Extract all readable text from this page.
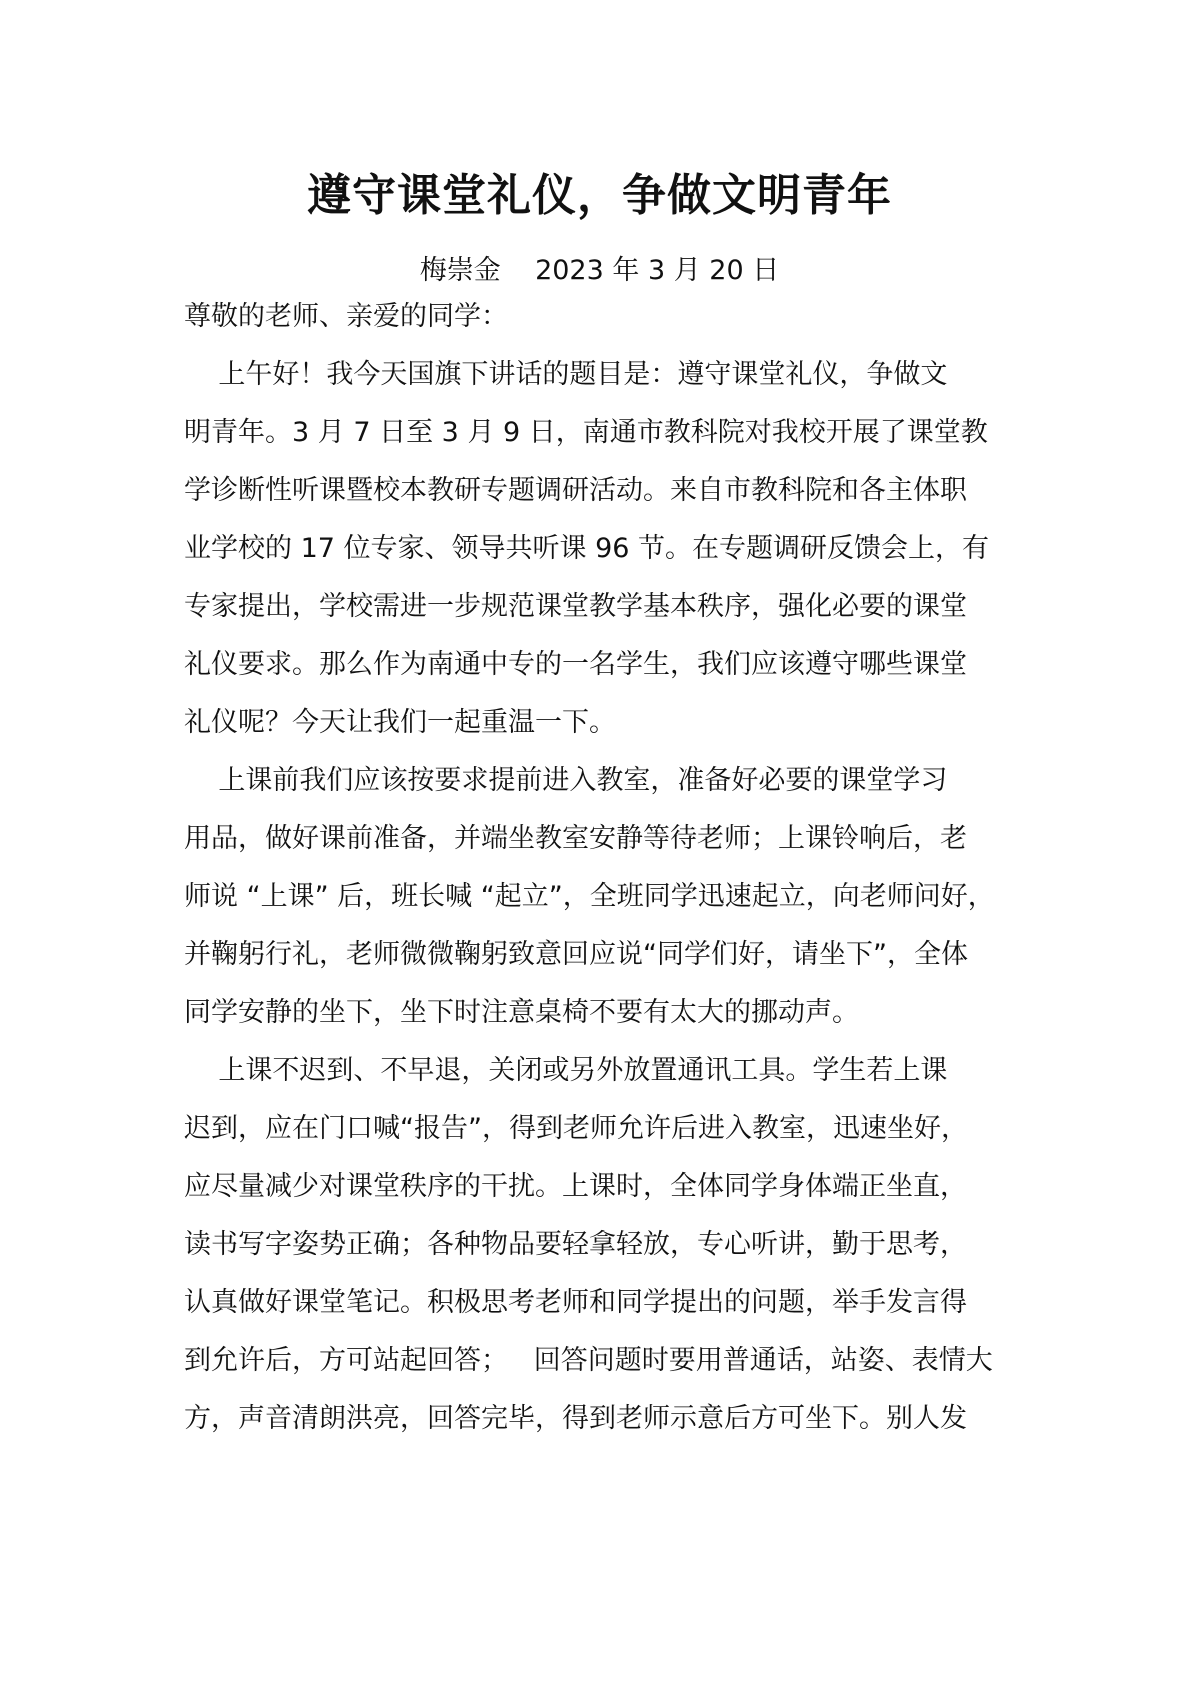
遵守课堂礼仪，争做文明青年
梅崇金    2023 年 3 月 20 日
尊敬的老师、亲爱的同学：
上午好！我今天国旗下讲话的题目是：遵守课堂礼仪，争做文
明青年。3 月 7 日至 3 月 9 日，南通市教科院对我校开展了课堂教
学诊断性听课暨校本教研专题调研活动。来自市教科院和各主体职
业学校的 17 位专家、领导共听课 96 节。在专题调研反馈会上，有
专家提出，学校需进一步规范课堂教学基本秩序，强化必要的课堂
礼仪要求。那么作为南通中专的一名学生，我们应该遵守哪些课堂
礼仪呢？今天让我们一起重温一下。
上课前我们应该按要求提前进入教室，准备好必要的课堂学习
用品，做好课前准备，并端坐教室安静等待老师；上课铃响后，老
师说 “上课” 后，班长喊 “起立”，全班同学迅速起立，向老师问好，
并鞠躬行礼，老师微微鞠躬致意回应说“同学们好，请坐下”，全体
同学安静的坐下，坐下时注意桌椅不要有太大的挪动声。
上课不迟到、不早退，关闭或另外放置通讯工具。学生若上课
迟到，应在门口喊“报告”，得到老师允许后进入教室，迅速坐好，
应尽量减少对课堂秩序的干扰。上课时，全体同学身体端正坐直，
读书写字姿势正确；各种物品要轻拿轻放，专心听讲，勤于思考，
认真做好课堂笔记。积极思考老师和同学提出的问题，举手发言得
到允许后，方可站起回答；   回答问题时要用普通话，站姿、表情大
方，声音清朗洪亮，回答完毕，得到老师示意后方可坐下。别人发
